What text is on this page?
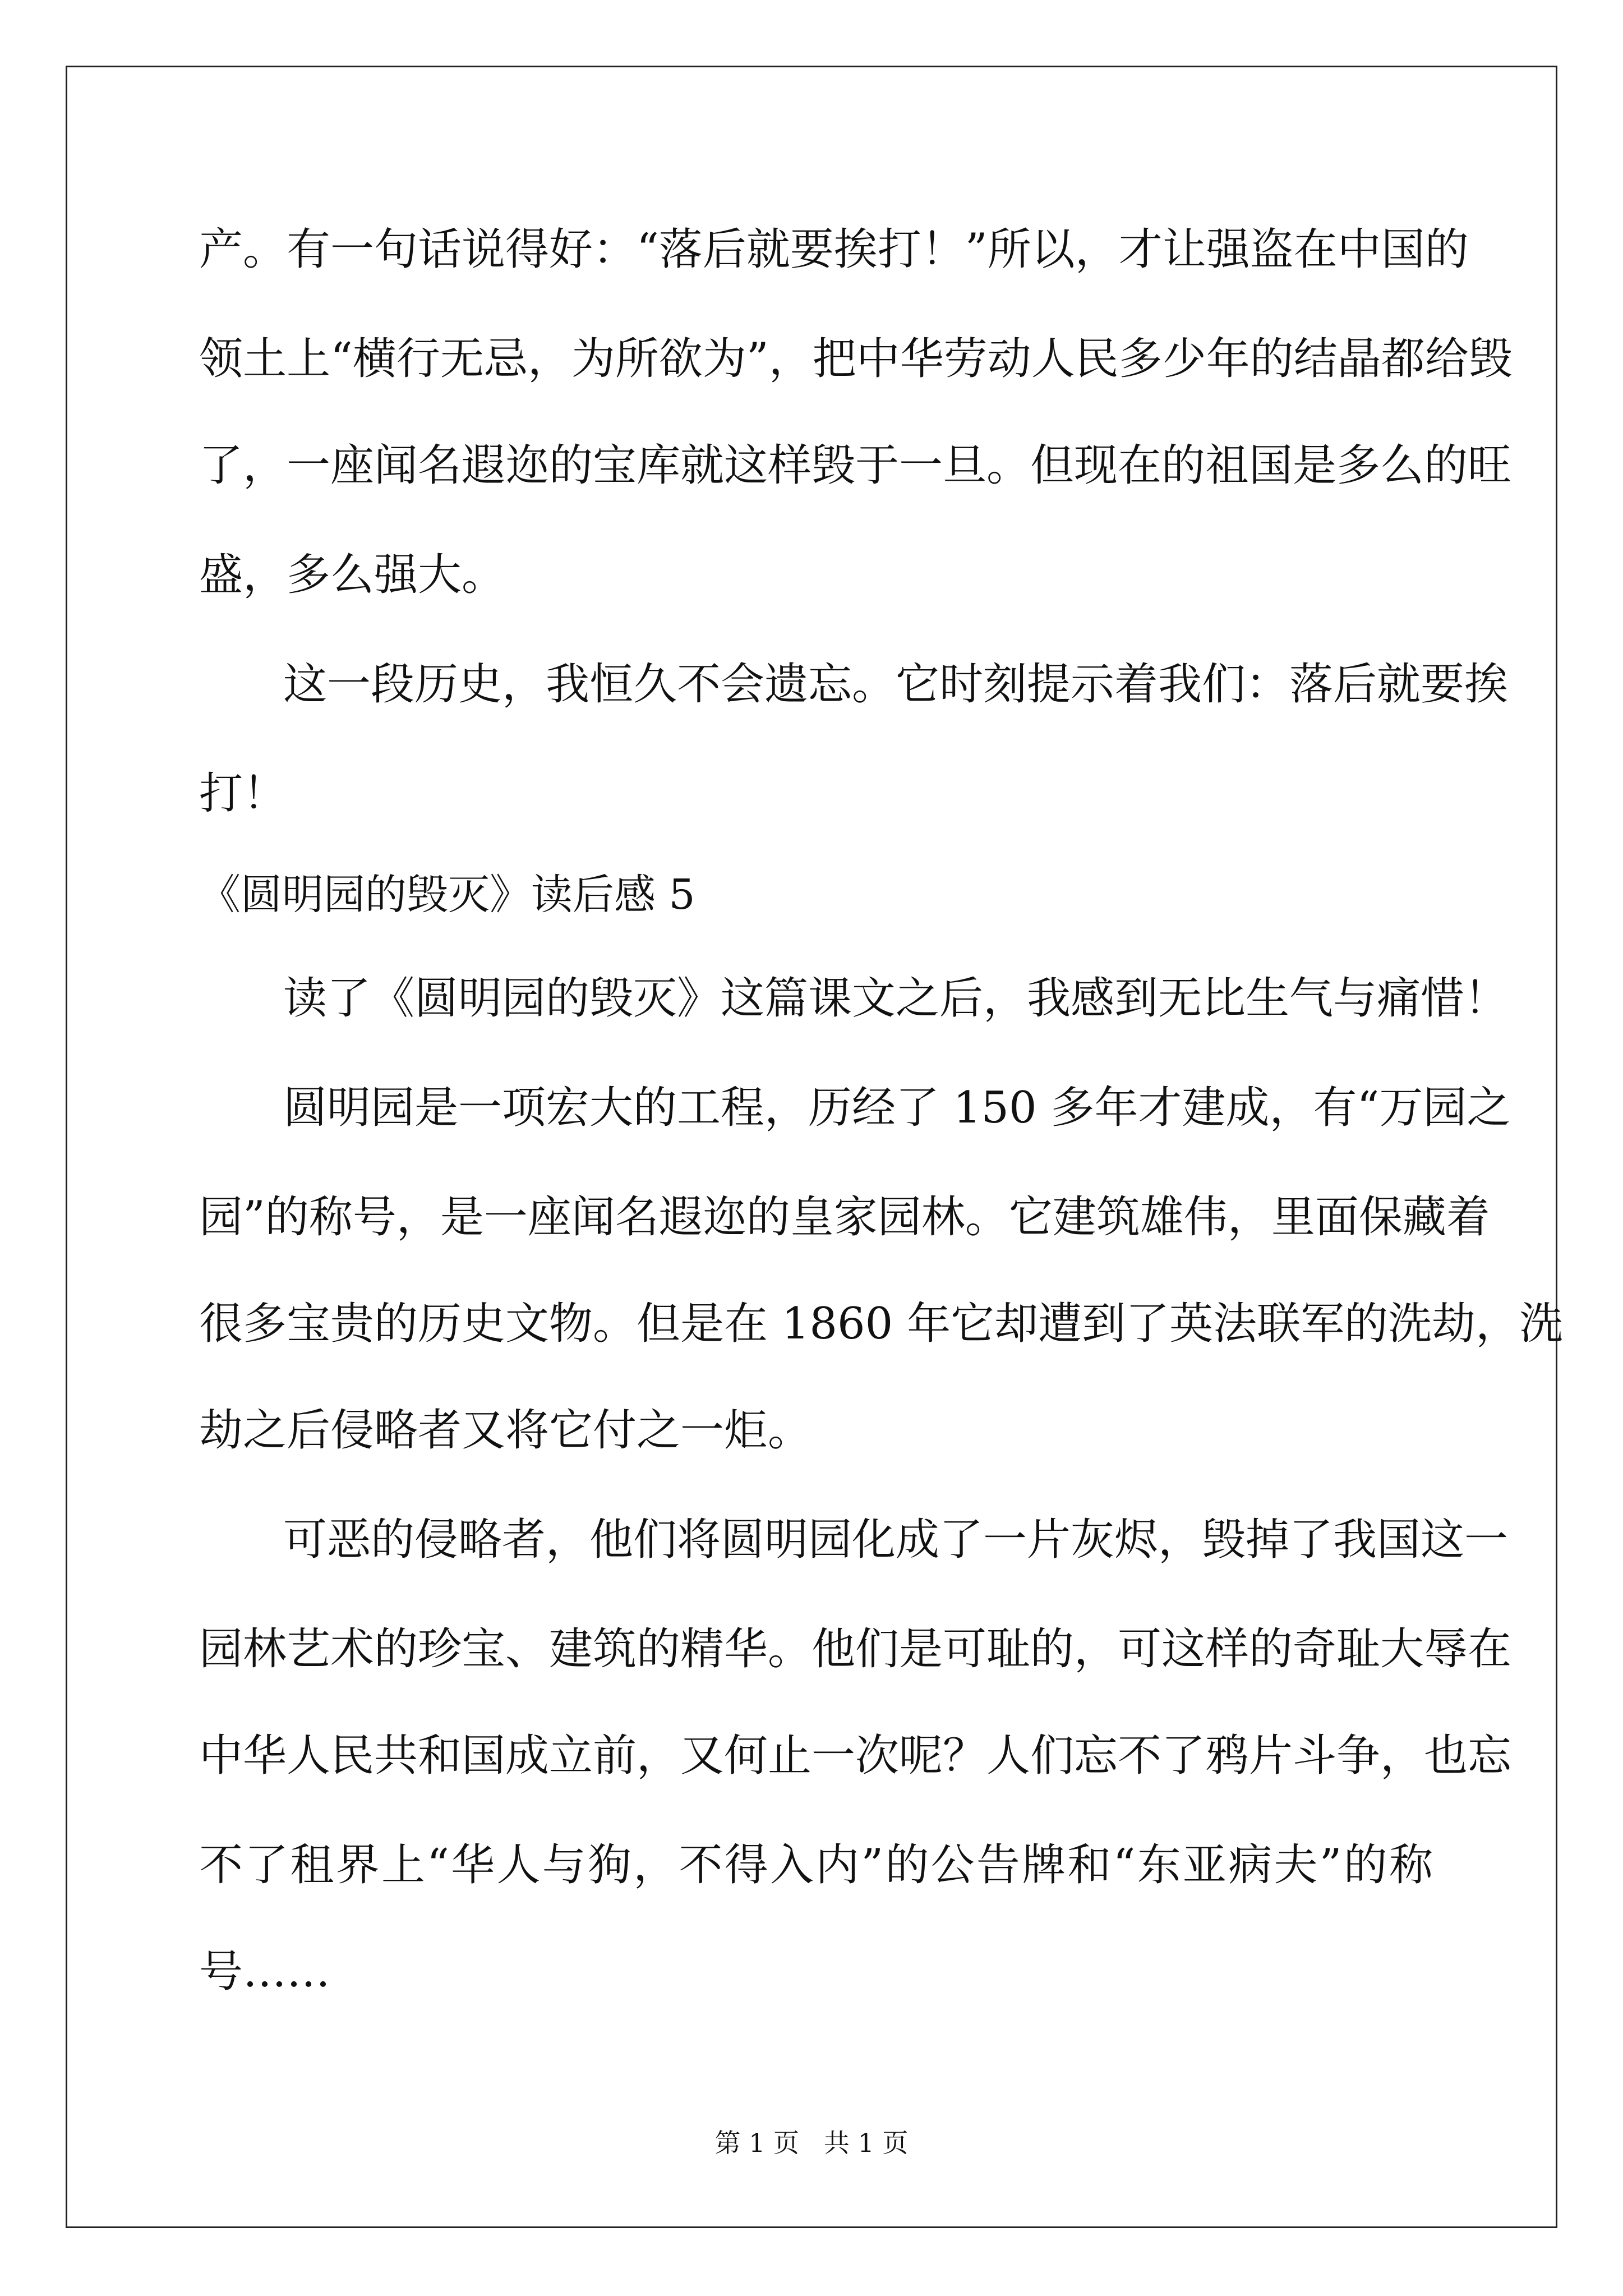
产。有一句话说得好：“落后就要挨打！”所以，才让强盗在中国的
领土上“横行无忌，为所欲为”，把中华劳动人民多少年的结晶都给毁
了，一座闻名遐迩的宝库就这样毁于一旦。但现在的祖国是多么的旺
盛，多么强大。
这一段历史，我恒久不会遗忘。它时刻提示着我们：落后就要挨
打！
《圆明园的毁灭》读后感 5
读了《圆明园的毁灭》这篇课文之后，我感到无比生气与痛惜！
圆明园是一项宏大的工程，历经了 150 多年才建成，有“万园之
园”的称号，是一座闻名遐迩的皇家园林。它建筑雄伟，里面保藏着
很多宝贵的历史文物。但是在 1860 年它却遭到了英法联军的洗劫，洗
劫之后侵略者又将它付之一炬。
可恶的侵略者，他们将圆明园化成了一片灰烬，毁掉了我国这一
园林艺术的珍宝、建筑的精华。他们是可耻的，可这样的奇耻大辱在
中华人民共和国成立前，又何止一次呢？人们忘不了鸦片斗争，也忘
不了租界上“华人与狗，不得入内”的公告牌和“东亚病夫”的称
号……
第 1 页   共 1 页
